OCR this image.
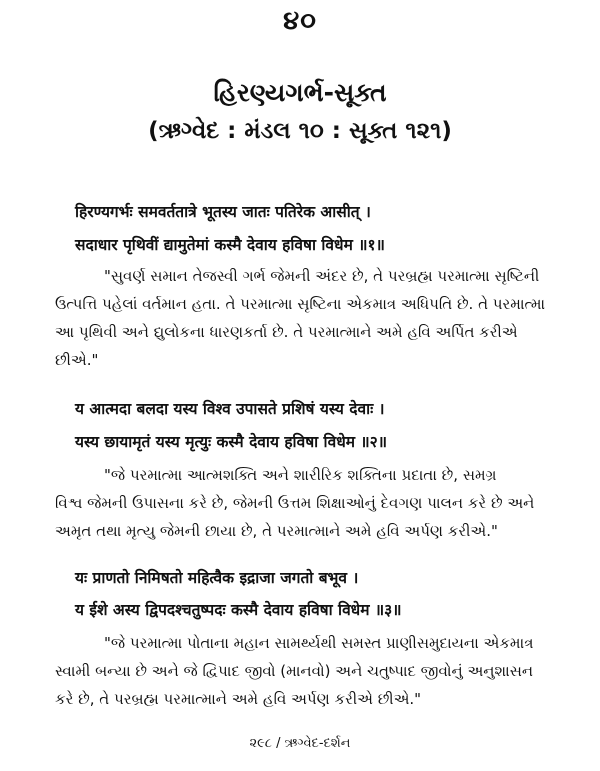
૪૦
હિરણ્યગર્ભ-સૂક્ત
(ઋગ્વેદ : મંડલ ૧૦ : સૂક્ત ૧૨૧)
हिरण्यगर्भः समवर्ततात्रे भूतस्य जातः पतिरेक आसीत् ।
सदाधार पृथिवीं द्यामुतेमां कस्मै देवाय हविषा विधेम ॥१॥
"સુવર્ણ સમાન તેજસ્વી ગર્ભ જેમની અંદર છે, તે પરબ્રહ્મ પરમાત્મા સૃષ્ટિની
ઉત્પત્તિ પહેલાં વર્તમાન હતા. તે પરમાત્મા સૃષ્ટિના એકમાત્ર અધિપતિ છે. તે પરમાત્મા
આ પૃથિવી અને દ્યુલોકના ધારણકર્તા છે. તે પરમાત્માને અમે હવિ અર્પિત કરીએ
છીએ."
य आत्मदा बलदा यस्य विश्व उपासते प्रशिषं यस्य देवाः ।
यस्य छायामृतं यस्य मृत्युः कस्मै देवाय हविषा विधेम ॥२॥
"જે પરમાત્મા આત્મશક્તિ અને શારીરિક શક્તિના પ્રદાતા છે, સમગ્ર
વિશ્વ જેમની ઉપાસના કરે છે, જેમની ઉત્તમ શિક્ષાઓનું દેવગણ પાલન કરે છે અને
અમૃત તથા મૃત્યુ જેમની છાયા છે, તે પરમાત્માને અમે હવિ અર્પણ કરીએ."
यः प्राणतो निमिषतो महित्वैक इद्राजा जगतो बभूव ।
य ईशे अस्य द्विपदश्चतुष्पदः कस्मै देवाय हविषा विधेम ॥३॥
"જે પરમાત્મા પોતાના મહાન સામર્થ્યથી સમસ્ત પ્રાણીસમુદાયના એકમાત્ર
સ્વામી બન્યા છે અને જે દ્વિપાદ જીવો (માનવો) અને ચતુષ્પાદ જીવોનું અનુશાસન
કરે છે, તે પરબ્રહ્મ પરમાત્માને અમે હવિ અર્પણ કરીએ છીએ."
૨૯૮ / ઋગ્વેદ-દર્શન
